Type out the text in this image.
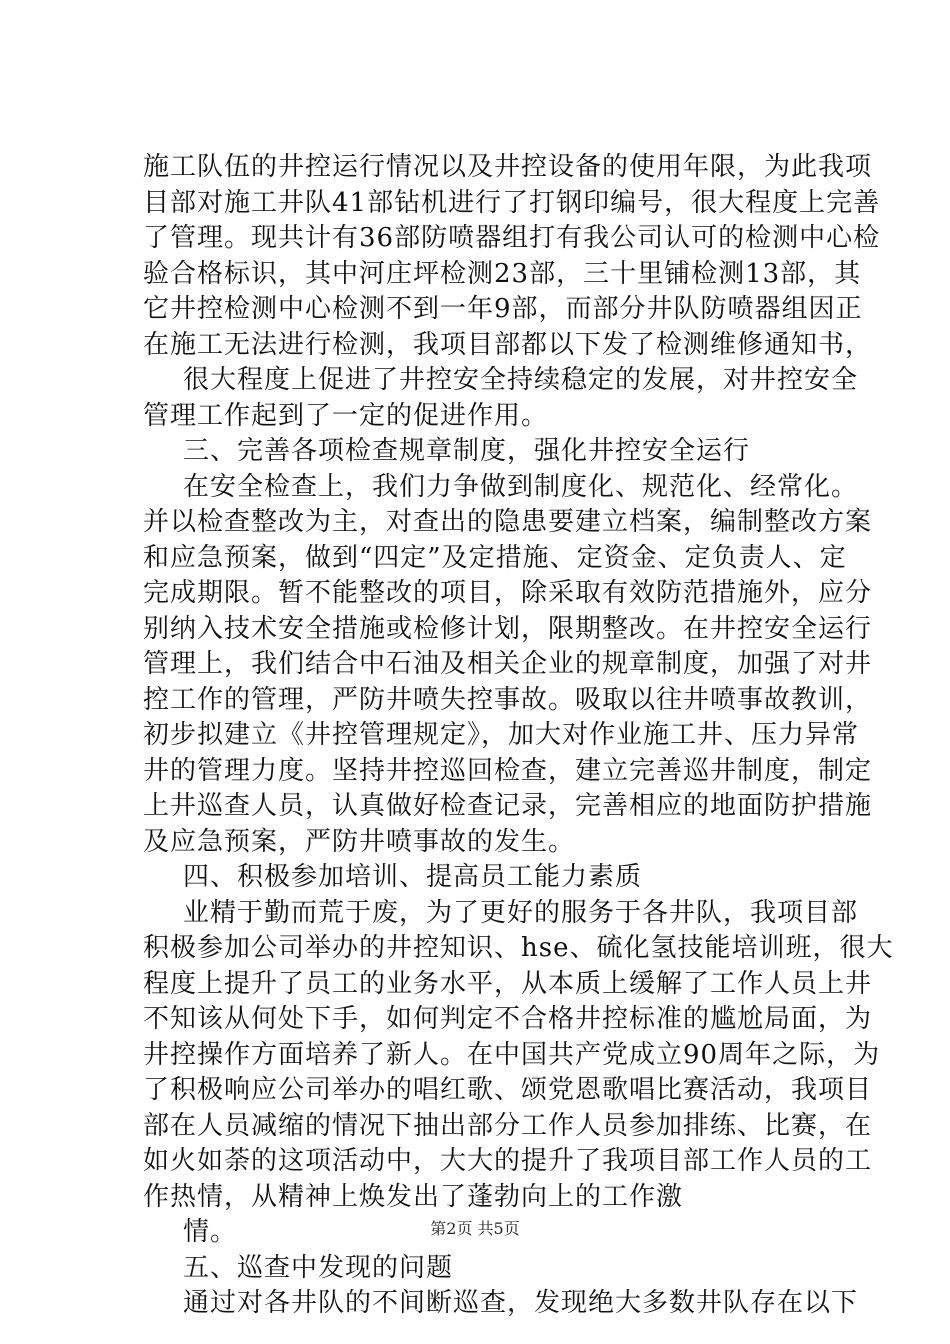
施工队伍的井控运行情况以及井控设备的使用年限，为此我项
目部对施工井队41部钻机进行了打钢印编号，很大程度上完善
了管理。现共计有36部防喷器组打有我公司认可的检测中心检
验合格标识，其中河庄坪检测23部，三十里铺检测13部，其
它井控检测中心检测不到一年9部，而部分井队防喷器组因正
在施工无法进行检测，我项目部都以下发了检测维修通知书，
很大程度上促进了井控安全持续稳定的发展，对井控安全
管理工作起到了一定的促进作用。
三、完善各项检查规章制度，强化井控安全运行
在安全检查上，我们力争做到制度化、规范化、经常化。
并以检查整改为主，对查出的隐患要建立档案，编制整改方案
和应急预案，做到“四定”及定措施、定资金、定负责人、定
完成期限。暂不能整改的项目，除采取有效防范措施外，应分
别纳入技术安全措施或检修计划，限期整改。在井控安全运行
管理上，我们结合中石油及相关企业的规章制度，加强了对井
控工作的管理，严防井喷失控事故。吸取以往井喷事故教训，
初步拟建立《井控管理规定》，加大对作业施工井、压力异常
井的管理力度。坚持井控巡回检查，建立完善巡井制度，制定
上井巡查人员，认真做好检查记录，完善相应的地面防护措施
及应急预案，严防井喷事故的发生。
四、积极参加培训、提高员工能力素质
业精于勤而荒于废，为了更好的服务于各井队，我项目部
积极参加公司举办的井控知识、hse、硫化氢技能培训班，很大
程度上提升了员工的业务水平，从本质上缓解了工作人员上井
不知该从何处下手，如何判定不合格井控标准的尴尬局面，为
井控操作方面培养了新人。在中国共产党成立90周年之际，为
了积极响应公司举办的唱红歌、颂党恩歌唱比赛活动，我项目
部在人员减缩的情况下抽出部分工作人员参加排练、比赛，在
如火如荼的这项活动中，大大的提升了我项目部工作人员的工
作热情，从精神上焕发出了蓬勃向上的工作激
情。
五、巡查中发现的问题
通过对各井队的不间断巡查，发现绝大多数井队存在以下
第2页 共5页
